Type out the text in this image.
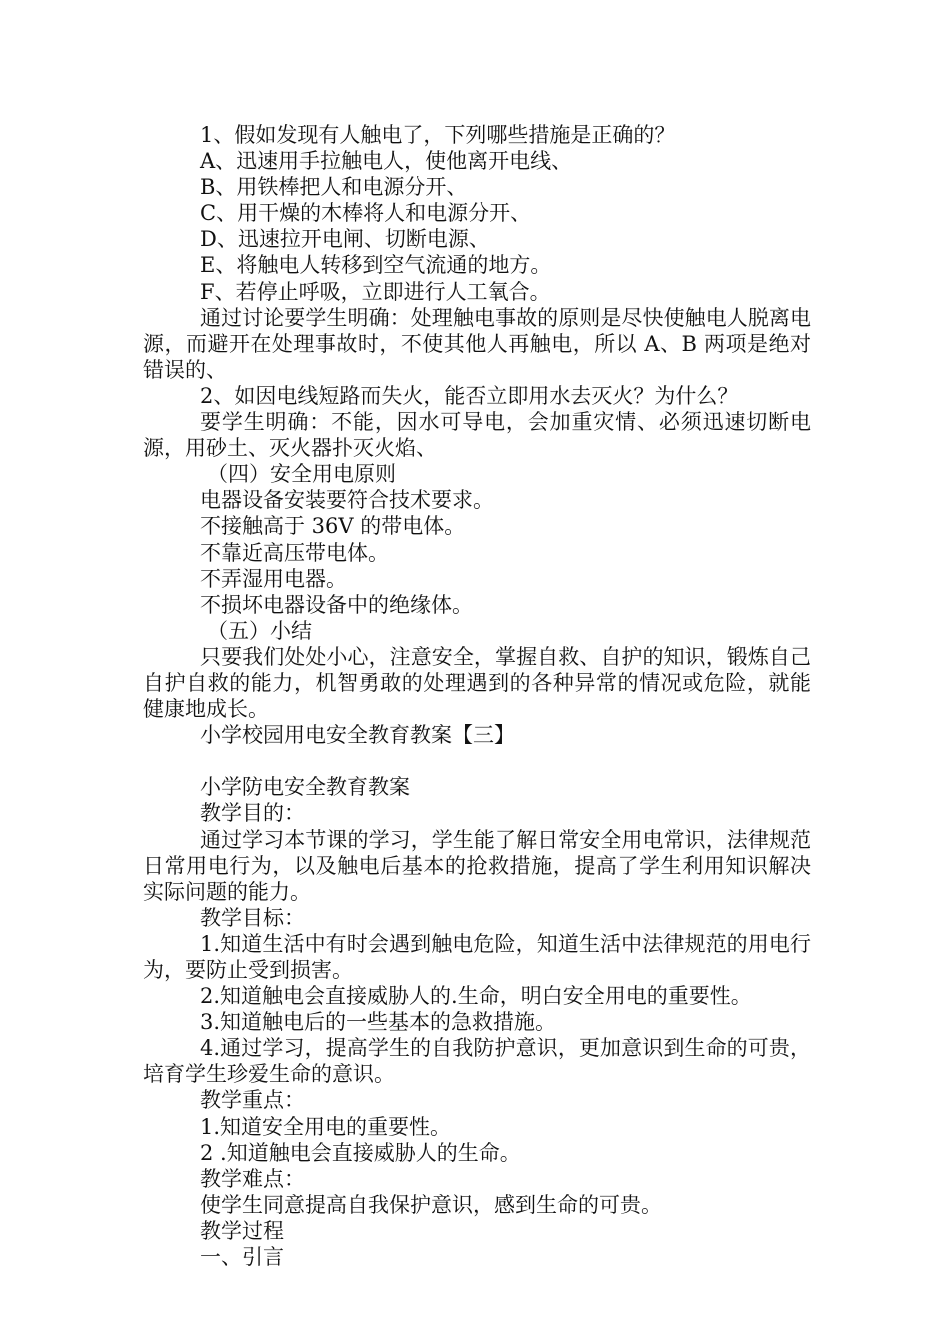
1、假如发现有人触电了，下列哪些措施是正确的？

A、迅速用手拉触电人，使他离开电线、

B、用铁棒把人和电源分开、

C、用干燥的木棒将人和电源分开、

D、迅速拉开电闸、切断电源、

E、将触电人转移到空气流通的地方。

F、若停止呼吸，立即进行人工氧合。

通过讨论要学生明确：处理触电事故的原则是尽快使触电人脱离电源，而避开在处理事故时，不使其他人再触电，所以 A、B 两项是绝对错误的、

2、如因电线短路而失火，能否立即用水去灭火？为什么？

要学生明确：不能，因水可导电，会加重灾情、必须迅速切断电源，用砂土、灭火器扑灭火焰、

（四）安全用电原则

电器设备安装要符合技术要求。

不接触高于 36V 的带电体。

不靠近高压带电体。

不弄湿用电器。

不损坏电器设备中的绝缘体。

（五）小结

只要我们处处小心，注意安全，掌握自救、自护的知识，锻炼自己自护自救的能力，机智勇敢的处理遇到的各种异常的情况或危险，就能健康地成长。

小学校园用电安全教育教案【三】

小学防电安全教育教案

教学目的：

通过学习本节课的学习，学生能了解日常安全用电常识，法律规范日常用电行为，以及触电后基本的抢救措施，提高了学生利用知识解决实际问题的能力。

教学目标：

1.知道生活中有时会遇到触电危险，知道生活中法律规范的用电行为，要防止受到损害。

2.知道触电会直接威胁人的.生命，明白安全用电的重要性。

3.知道触电后的一些基本的急救措施。

4.通过学习，提高学生的自我防护意识，更加意识到生命的可贵，培育学生珍爱生命的意识。

教学重点：

1.知道安全用电的重要性。

2 .知道触电会直接威胁人的生命。

教学难点：

使学生同意提高自我保护意识，感到生命的可贵。

教学过程

一、引言
